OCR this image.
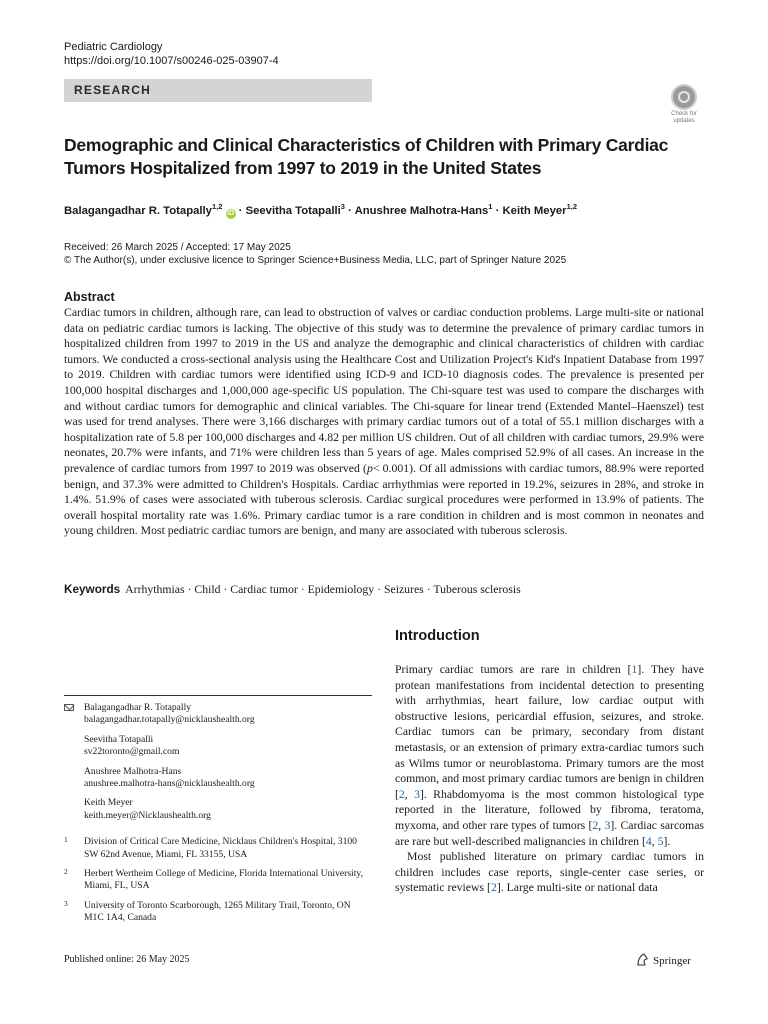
Pediatric Cardiology
https://doi.org/10.1007/s00246-025-03907-4
RESEARCH
Check for
updates
Demographic and Clinical Characteristics of Children with Primary Cardiac Tumors Hospitalized from 1997 to 2019 in the United States
Balagangadhar R. Totapally$^{1,2}$ iD · Seevitha Totapalli$^3$ · Anushree Malhotra-Hans$^1$ · Keith Meyer$^{1,2}$
Received: 26 March 2025 / Accepted: 17 May 2025
© The Author(s), under exclusive licence to Springer Science+Business Media, LLC, part of Springer Nature 2025
Abstract
Cardiac tumors in children, although rare, can lead to obstruction of valves or cardiac conduction problems. Large multi-site or national data on pediatric cardiac tumors is lacking. The objective of this study was to determine the prevalence of primary cardiac tumors in hospitalized children from 1997 to 2019 in the US and analyze the demographic and clinical characteristics of children with cardiac tumors. We conducted a cross-sectional analysis using the Healthcare Cost and Utilization Project's Kid's Inpatient Database from 1997 to 2019. Children with cardiac tumors were identified using ICD-9 and ICD-10 diagnosis codes. The prevalence is presented per 100,000 hospital discharges and 1,000,000 age-specific US population. The Chi-square test was used to compare the discharges with and without cardiac tumors for demographic and clinical variables. The Chi-square for linear trend (Extended Mantel–Haenszel) test was used for trend analyses. There were 3,166 discharges with primary cardiac tumors out of a total of 55.1 million discharges with a hospitalization rate of 5.8 per 100,000 discharges and 4.82 per million US children. Out of all children with cardiac tumors, 29.9% were neonates, 20.7% were infants, and 71% were children less than 5 years of age. Males comprised 52.9% of all cases. An increase in the prevalence of cardiac tumors from 1997 to 2019 was observed (p< 0.001). Of all admissions with cardiac tumors, 88.9% were reported benign, and 37.3% were admitted to Children's Hospitals. Cardiac arrhythmias were reported in 19.2%, seizures in 28%, and stroke in 1.4%. 51.9% of cases were associated with tuberous sclerosis. Cardiac surgical procedures were performed in 13.9% of patients. The overall hospital mortality rate was 1.6%. Primary cardiac tumor is a rare condition in children and is most common in neonates and young children. Most pediatric cardiac tumors are benign, and many are associated with tuberous sclerosis.
Keywords Arrhythmias · Child · Cardiac tumor · Epidemiology · Seizures · Tuberous sclerosis
Introduction

Primary cardiac tumors are rare in children [1]. They have protean manifestations from incidental detection to presenting with arrhythmias, heart failure, low cardiac output with obstructive lesions, pericardial effusion, seizures, and stroke. Cardiac tumors can be primary, secondary from distant metastasis, or an extension of primary extra-cardiac tumors such as Wilms tumor or neuroblastoma. Primary tumors are the most common, and most primary cardiac tumors are benign in children [2, 3]. Rhabdomyoma is the most common histological type reported in the literature, followed by fibroma, teratoma, myxoma, and other rare types of tumors [2, 3]. Cardiac sarcomas are rare but well-described malignancies in children [4, 5].

Most published literature on primary cardiac tumors in children includes case reports, single-center case series, or systematic reviews [2]. Large multi-site or national data

Balagangadhar R. Totapally
balagangadhar.totapally@nicklaushealth.org
Seevitha Totapalli
sv22toronto@gmail.com
Anushree Malhotra-Hans
anushree.malhotra-hans@nicklaushealth.org
Keith Meyer
keith.meyer@Nicklaushealth.org
1 Division of Critical Care Medicine, Nicklaus Children's Hospital, 3100 SW 62nd Avenue, Miami, FL 33155, USA
2 Herbert Wertheim College of Medicine, Florida International University, Miami, FL, USA
3 University of Toronto Scarborough, 1265 Military Trail, Toronto, ON M1C 1A4, Canada
Published online: 26 May 2025	Springer
